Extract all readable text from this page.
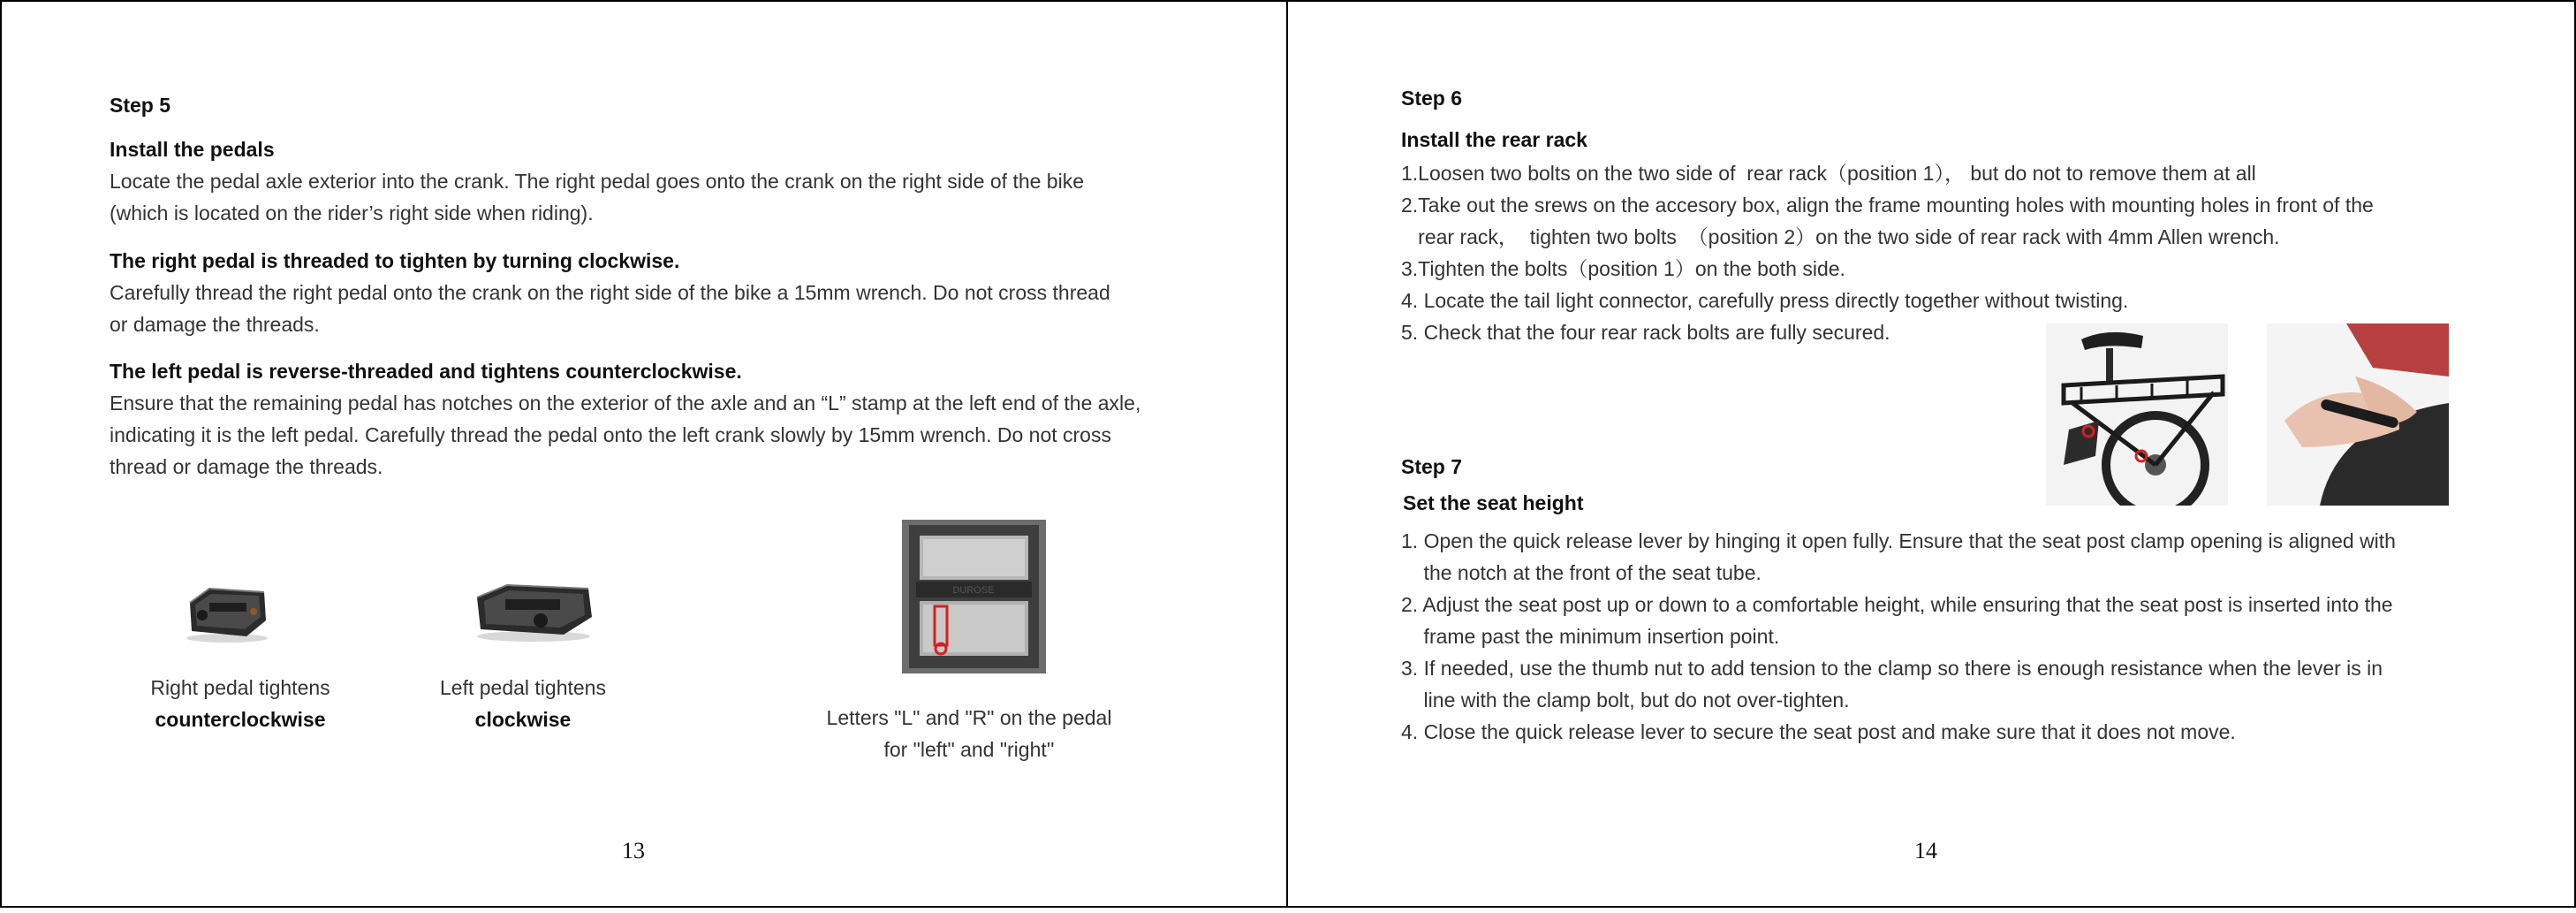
Step 5
Install the pedals

Locate the pedal axle exterior into the crank. The right pedal goes onto the crank on the right side of the bike

(which is located on the rider’s right side when riding).

The right pedal is threaded to tighten by turning clockwise.

Carefully thread the right pedal onto the crank on the right side of the bike a 15mm wrench. Do not cross thread

or damage the threads.

The left pedal is reverse-threaded and tightens counterclockwise.

Ensure that the remaining pedal has notches on the exterior of the axle and an “L” stamp at the left end of the axle,

indicating it is the left pedal. Carefully thread the pedal onto the left crank slowly by 15mm wrench. Do not cross

thread or damage the threads.

Right pedal tightens
counterclockwise
Left pedal tightens
clockwise
DUROSE
Letters "L" and "R" on the pedal
for "left" and "right''
13
Step 6
Install the rear rack
1.Loosen two bolts on the two side of  rear rack（position 1）， but do not to remove them at all
2.Take out the srews on the accesory box, align the frame mounting holes with mounting holes in front of the
rear rack，  tighten two bolts  （position 2）on the two side of rear rack with 4mm Allen wrench.
3.Tighten the bolts（position 1）on the both side.
4. Locate the tail light connector, carefully press directly together without twisting.
5. Check that the four rear rack bolts are fully secured.
Step 7
Set the seat height
1. Open the quick release lever by hinging it open fully. Ensure that the seat post clamp opening is aligned with
the notch at the front of the seat tube.
2. Adjust the seat post up or down to a comfortable height, while ensuring that the seat post is inserted into the
frame past the minimum insertion point.
3. If needed, use the thumb nut to add tension to the clamp so there is enough resistance when the lever is in
line with the clamp bolt, but do not over-tighten.
4. Close the quick release lever to secure the seat post and make sure that it does not move.
14
